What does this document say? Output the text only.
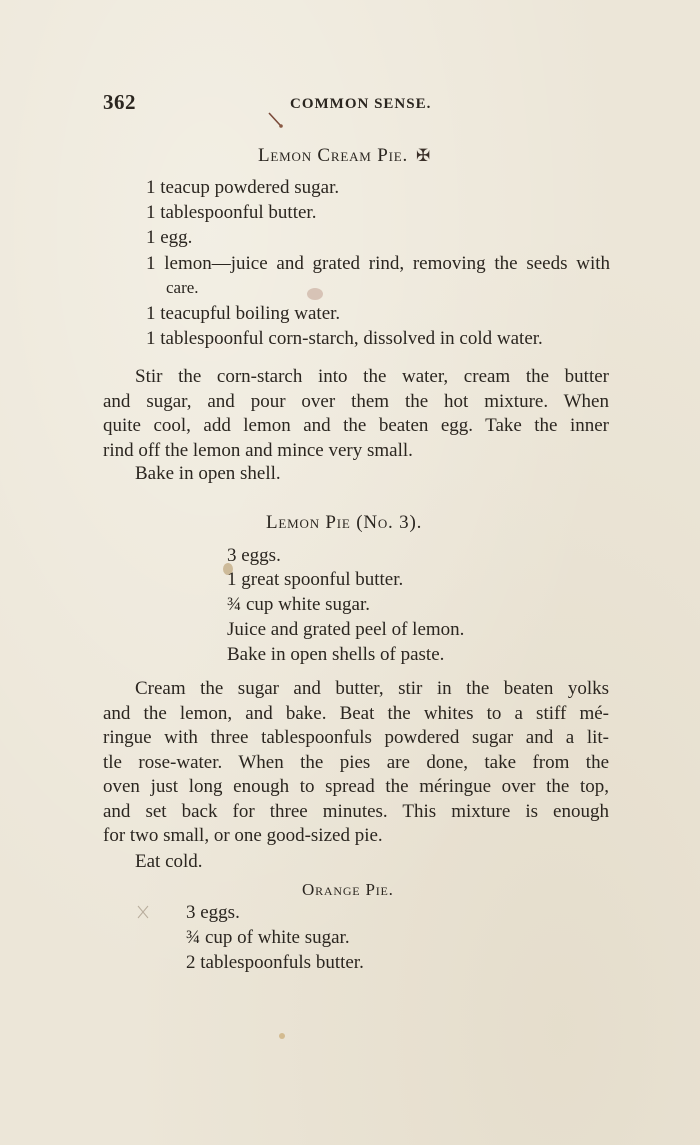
362	COMMON SENSE.
Lemon Cream Pie. ✠
1 teacup powdered sugar.
1 tablespoonful butter.
1 egg.
1 lemon—juice and grated rind, removing the seeds with
care.
1 teacupful boiling water.
1 tablespoonful corn-starch, dissolved in cold water.
Stir the corn-starch into the water, cream the butter
and sugar, and pour over them the hot mixture. When
quite cool, add lemon and the beaten egg. Take the inner
rind off the lemon and mince very small.
Bake in open shell.
Lemon Pie (No. 3).
3 eggs.
1 great spoonful butter.
¾ cup white sugar.
Juice and grated peel of lemon.
Bake in open shells of paste.
Cream the sugar and butter, stir in the beaten yolks
and the lemon, and bake. Beat the whites to a stiff mé-
ringue with three tablespoonfuls powdered sugar and a lit-
tle rose-water. When the pies are done, take from the
oven just long enough to spread the méringue over the top,
and set back for three minutes. This mixture is enough
for two small, or one good-sized pie.
Eat cold.
Orange Pie.
3 eggs.
¾ cup of white sugar.
2 tablespoonfuls butter.
